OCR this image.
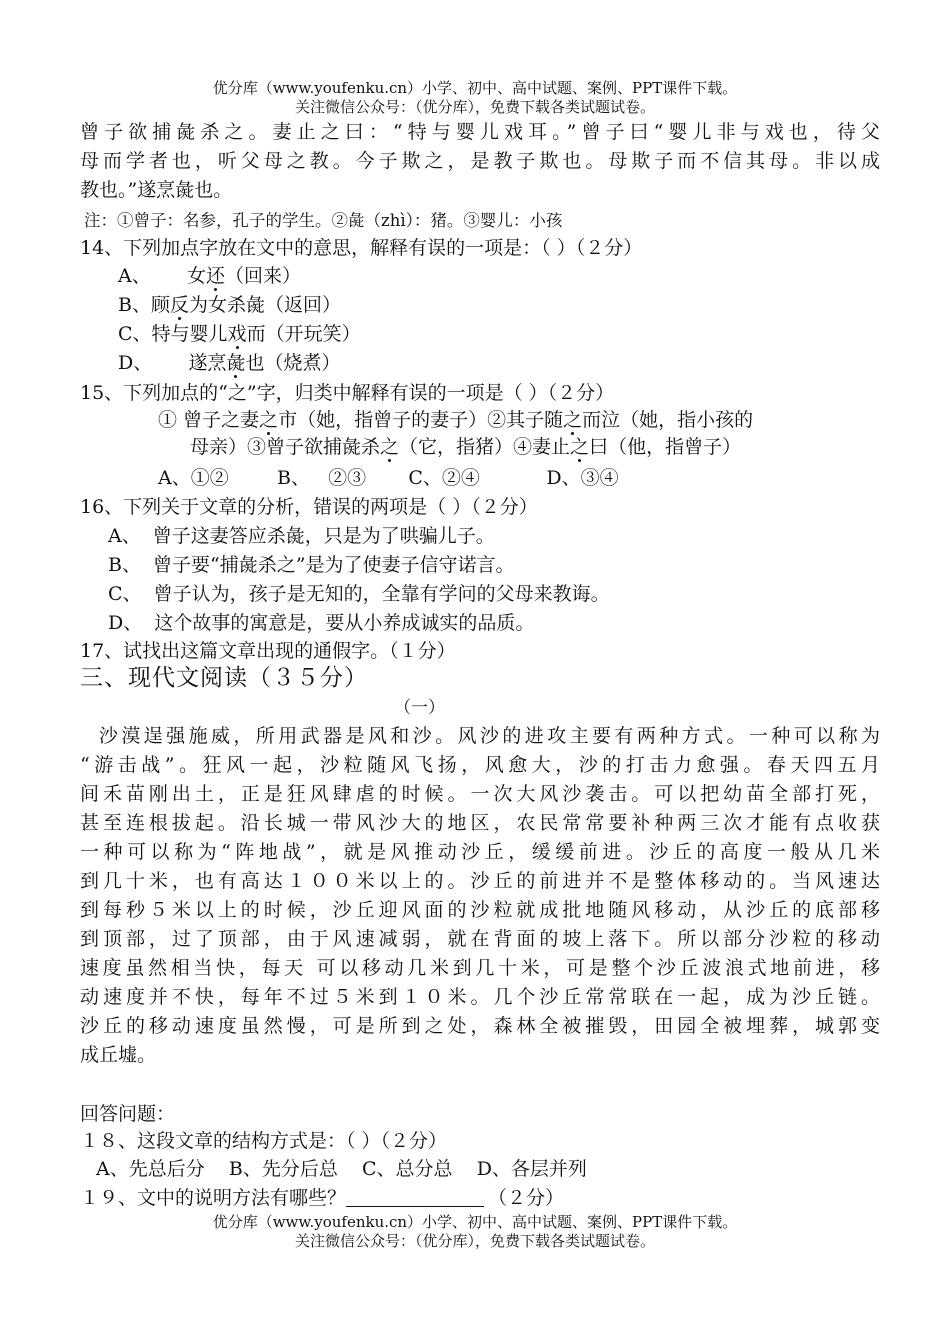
优分库（www.youfenku.cn）小学、初中、高中试题、案例、PPT课件下载。
关注微信公众号：（优分库），免费下载各类试题试卷。
曾子欲捕彘杀之。妻止之曰：“特与婴儿戏耳。”曾子曰“婴儿非与戏也，待父
母而学者也，听父母之教。今子欺之，是教子欺也。母欺子而不信其母。非以成
教也。”遂烹彘也。
注：①曾子：名参，孔子的学生。②彘（zhì）：猪。③婴儿：小孩
14、下列加点字放在文中的意思，解释有误的一项是：（ ）（２分）
A、      女还（回来）
B、顾反为女杀彘（返回）
C、特与婴儿戏而（开玩笑）
D、      遂烹彘也（烧煮）
15、下列加点的“之”字，归类中解释有误的一项是（ ）（２分）
① 曾子之妻之市（她，指曾子的妻子）②其子随之而泣（她，指小孩的
母亲）③曾子欲捕彘杀之（它，指猪）④妻止之曰（他，指曾子）
A、①②        B、   ②③       C、②④           D、③④
16、下列关于文章的分析，错误的两项是（ ）（２分）
A、  曾子这妻答应杀彘，只是为了哄骗儿子。
B、  曾子要“捕彘杀之”是为了使妻子信守诺言。
C、  曾子认为，孩子是无知的，全靠有学问的父母来教诲。
D、  这个故事的寓意是，要从小养成诚实的品质。
17、试找出这篇文章出现的通假字。（１分）
三、现代文阅读（３５分）
（一）
沙漠逞强施威，所用武器是风和沙。风沙的进攻主要有两种方式。一种可以称为
“游击战”。狂风一起，沙粒随风飞扬，风愈大，沙的打击力愈强。春天四五月
间禾苗刚出土，正是狂风肆虐的时候。一次大风沙袭击。可以把幼苗全部打死，
甚至连根拔起。沿长城一带风沙大的地区，农民常常要补种两三次才能有点收获
一种可以称为“阵地战”，就是风推动沙丘，缓缓前进。沙丘的高度一般从几米
到几十米，也有高达１００米以上的。沙丘的前进并不是整体移动的。当风速达
到每秒５米以上的时候，沙丘迎风面的沙粒就成批地随风移动，从沙丘的底部移
到顶部，过了顶部，由于风速减弱，就在背面的坡上落下。所以部分沙粒的移动
速度虽然相当快，每天 可以移动几米到几十米，可是整个沙丘波浪式地前进，移
动速度并不快，每年不过５米到１０米。几个沙丘常常联在一起，成为沙丘链。
沙丘的移动速度虽然慢，可是所到之处，森林全被摧毁，田园全被埋葬，城郭变
成丘墟。
回答问题：
１８、这段文章的结构方式是：（ ）（２分）
A、先总后分    B、先分后总    C、总分总    D、各层并列
１９、文中的说明方法有哪些？	（２分）
优分库（www.youfenku.cn）小学、初中、高中试题、案例、PPT课件下载。
关注微信公众号：（优分库），免费下载各类试题试卷。
